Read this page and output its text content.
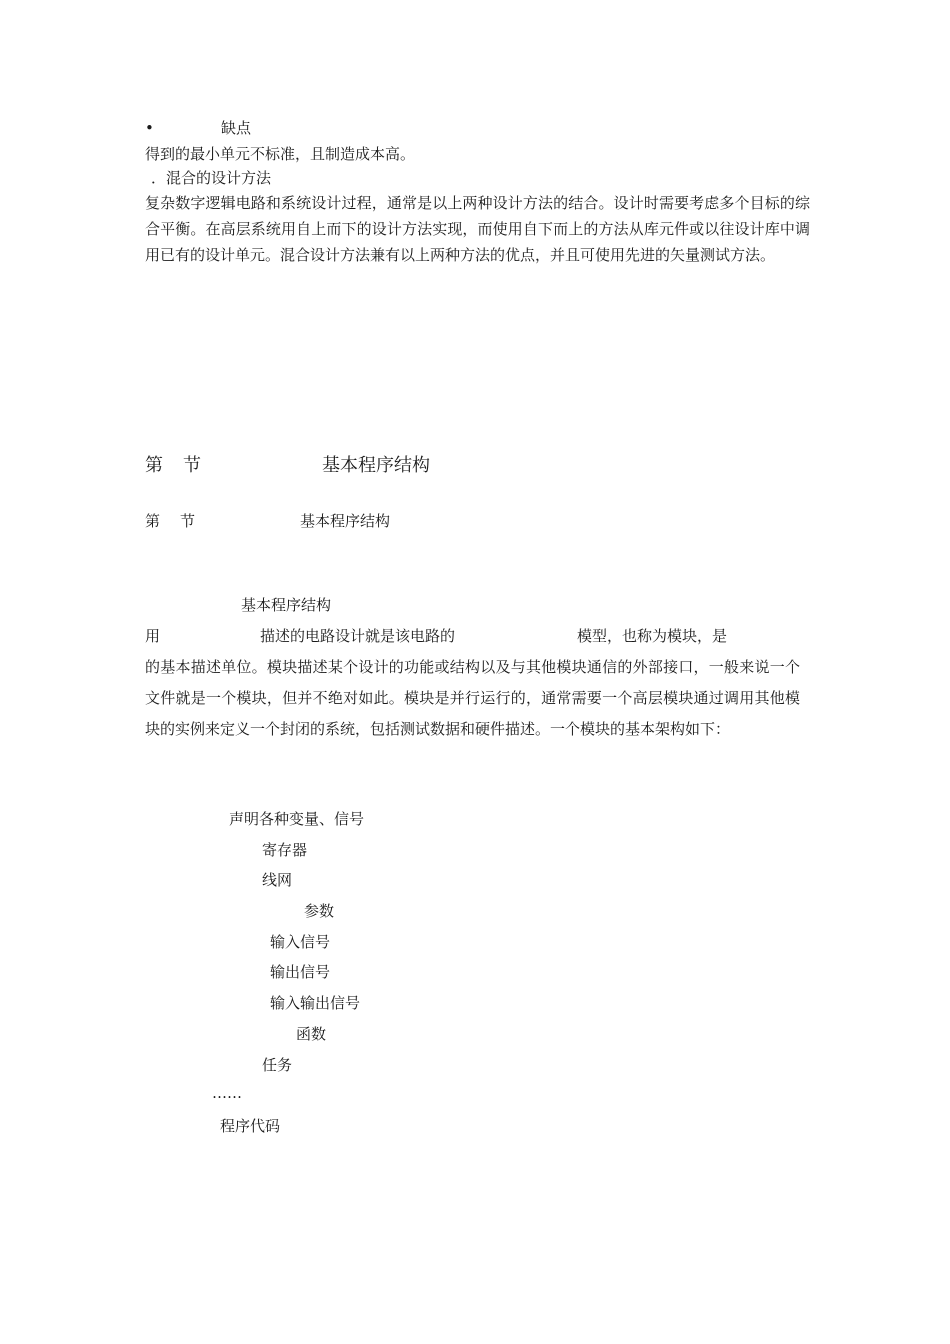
•	缺点
得到的最小单元不标准，且制造成本高。
．混合的设计方法
复杂数字逻辑电路和系统设计过程，通常是以上两种设计方法的结合。设计时需要考虑多个目标的综合平衡。在高层系统用自上而下的设计方法实现，而使用自下而上的方法从库元件或以往设计库中调用已有的设计单元。混合设计方法兼有以上两种方法的优点，并且可使用先进的矢量测试方法。
第 节	基本程序结构
第 节	基本程序结构
基本程序结构
用	描述的电路设计就是该电路的	模型，也称为模块，是
的基本描述单位。模块描述某个设计的功能或结构以及与其他模块通信的外部接口，一般来说一个文件就是一个模块，但并不绝对如此。模块是并行运行的，通常需要一个高层模块通过调用其他模块的实例来定义一个封闭的系统，包括测试数据和硬件描述。一个模块的基本架构如下：
声明各种变量、信号
寄存器
线网
参数
输入信号
输出信号
输入输出信号
函数
任务
……
程序代码
